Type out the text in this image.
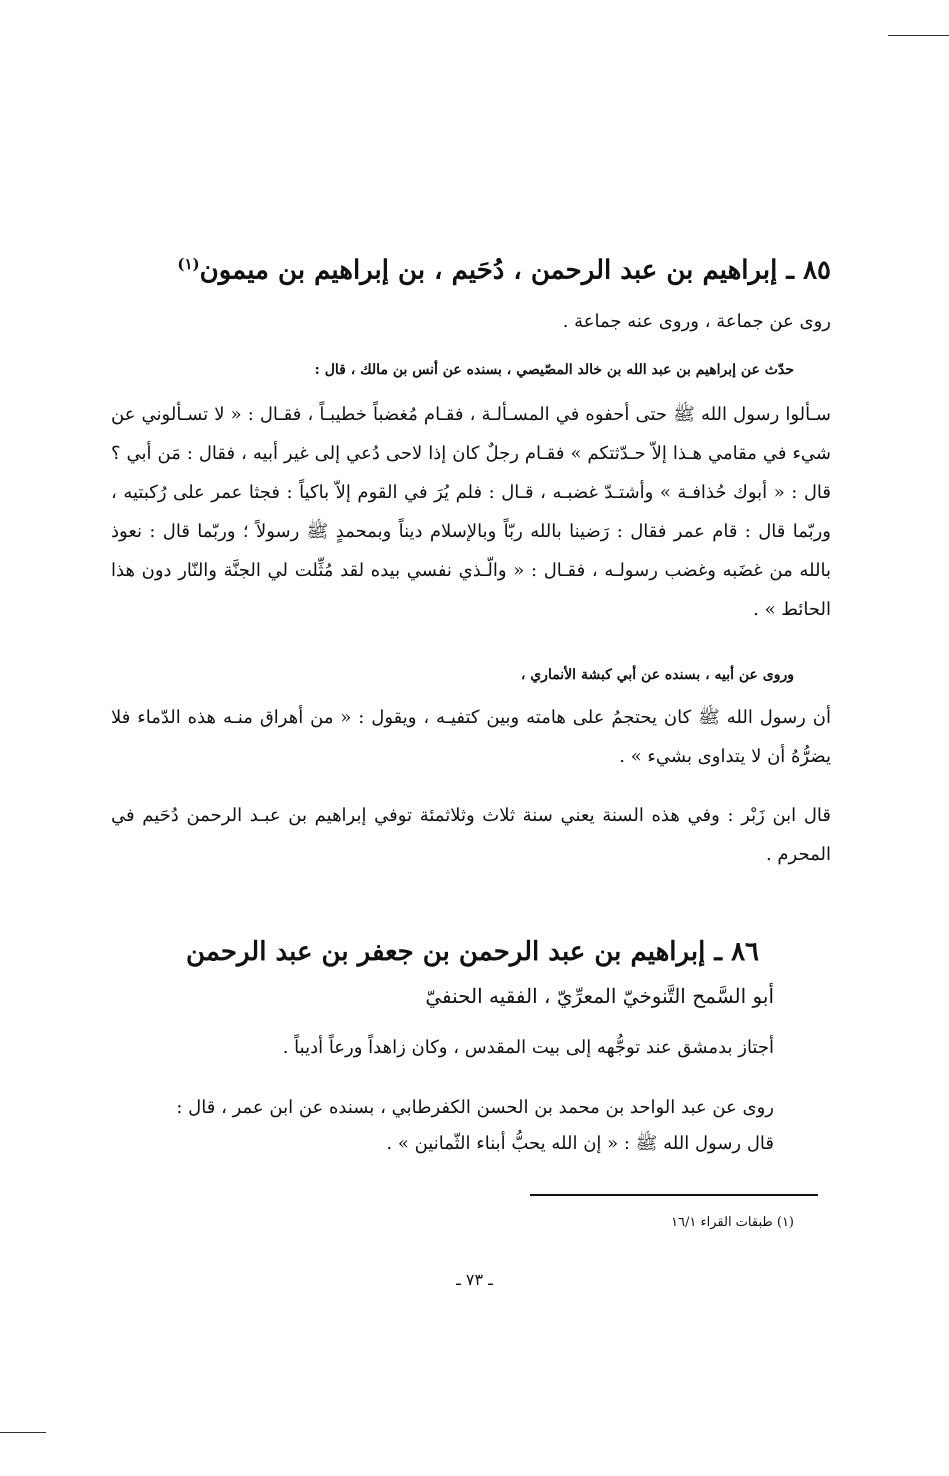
٨٥ ـ إبراهيم بن عبد الرحمن ، دُحَيم ، بن إبراهيم بن ميمون$^{(١)}$
روى عن جماعة ، وروى عنه جماعة .
حدّث عن إبراهيم بن عبد الله بن خالد المصّيصي ، بسنده عن أنس بن مالك ، قال :
سـألوا رسول الله ﷺ حتى أحفوه في المسـألـة ، فقـام مُغضباً خطيبـاً ، فقـال : « لا تسـألوني عن شيء في مقامي هـذا إلاّ حـدّثتكم » فقـام رجلٌ كان إذا لاحى دُعي إلى غير أبيه ، فقال : مَن أبي ؟ قال : « أبوك حُذافـة » وأشتـدّ غضبـه ، قـال : فلم يُرَ في القوم إلاّ باكياً : فجثا عمر على رُكبتيه ، وربّما قال : قام عمر فقال : رَضينا بالله ربّاً وبالإسلام ديناً وبمحمدٍ ﷺ رسولاً ؛ وربّما قال : نعوذ بالله من غضَبه وغضب رسولـه ، فقـال : « والّـذي نفسي بيده لقد مُثِّلت لي الجنَّة والنّار دون هذا الحائط » .
وروى عن أبيه ، بسنده عن أبي كبشة الأنماري ،
أن رسول الله ﷺ كان يحتجمُ على هامته وبين كتفيـه ، ويقول : « من أهراق منـه هذه الدّماء فلا يضرُّهُ أن لا يتداوى بشيء » .
قال ابن زَبْر : وفي هذه السنة يعني سنة ثلاث وثلاثمئة توفي إبراهيم بن عبـد الرحمن دُحَيم في المحرم .
٨٦ ـ إبراهيم بن عبد الرحمن بن جعفر بن عبد الرحمن
أبو السَّمح التَّنوخيّ المعرِّيّ ، الفقيه الحنفيّ
أجتاز بدمشق عند توجُّهه إلى بيت المقدس ، وكان زاهداً ورعاً أديباً .
روى عن عبد الواحد بن محمد بن الحسن الكفرطابي ، بسنده عن ابن عمر ، قال :
قال رسول الله ﷺ : « إن الله يحبُّ أبناء الثّمانين » .
(١) طبقات القراء ١٦/١
ـ ٧٣ ـ
